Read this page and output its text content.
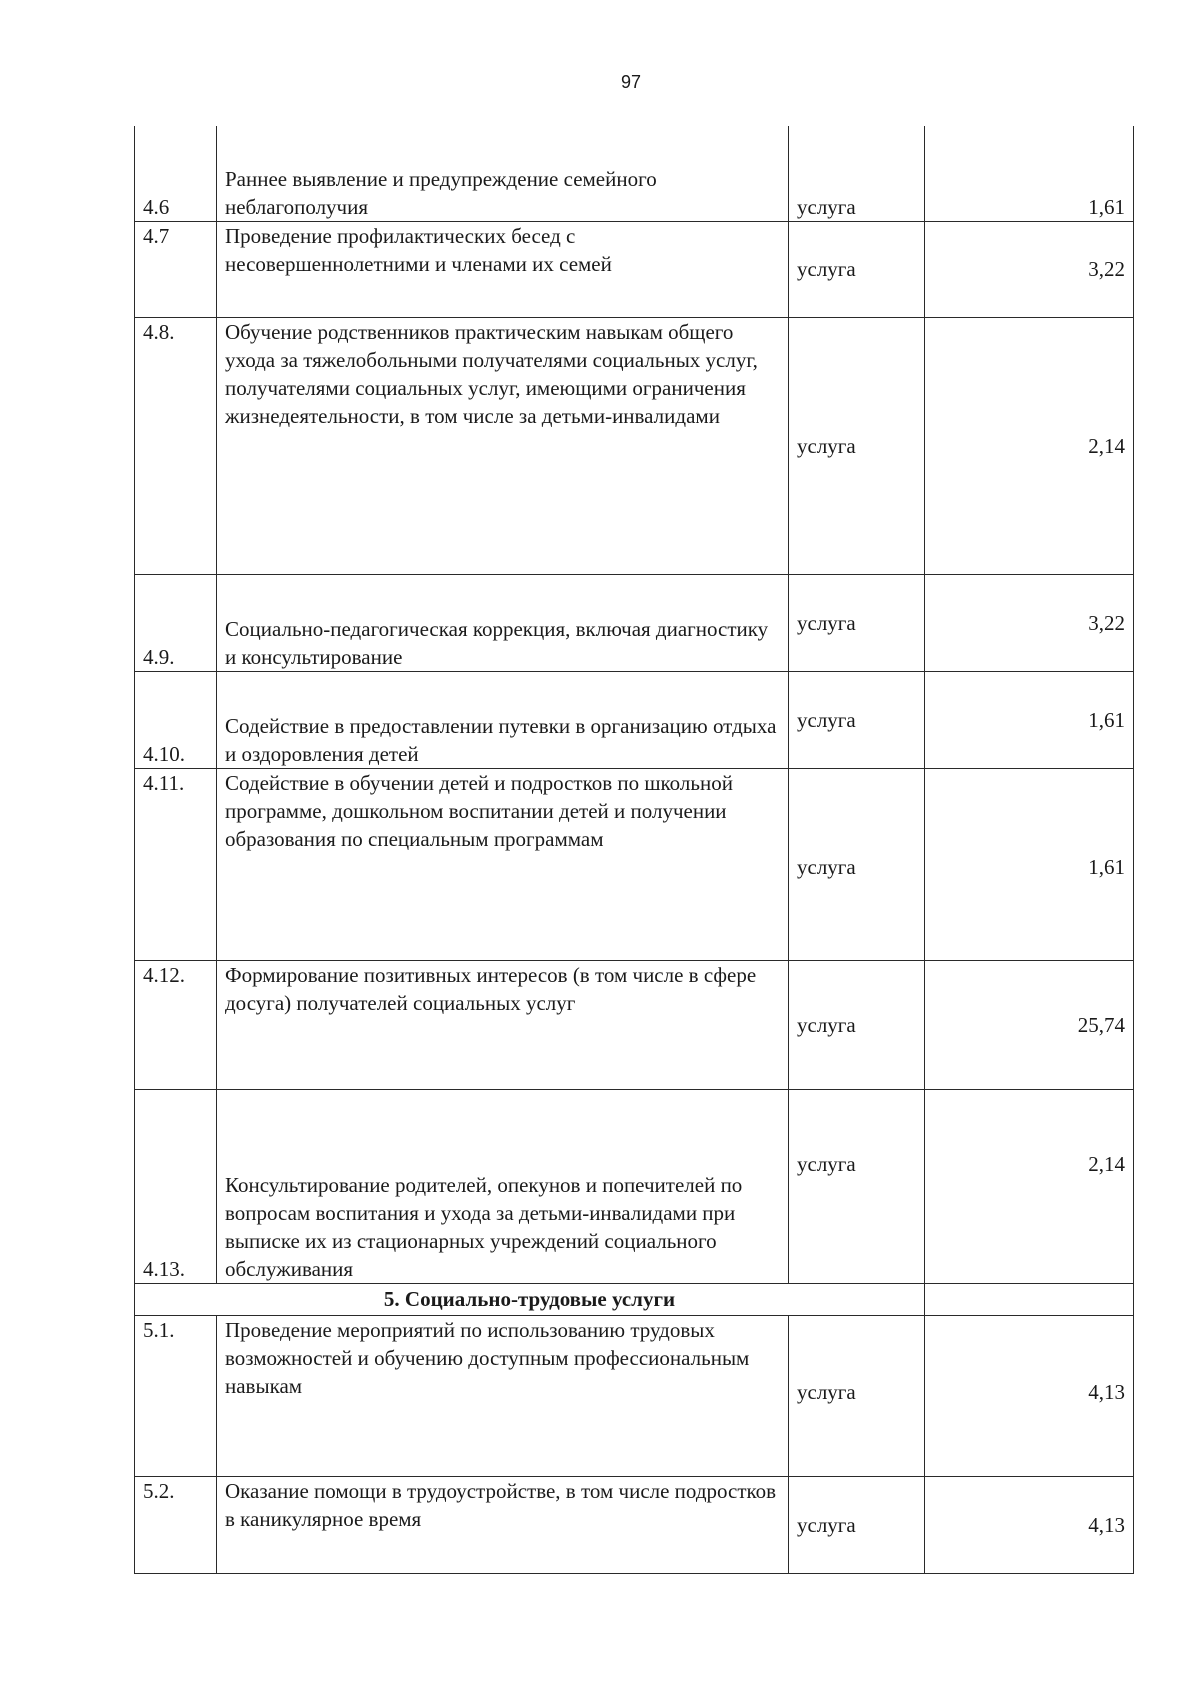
97
4.6	Раннее выявление и предупреждение семейного неблагополучия	услуга	1,61
4.7	Проведение профилактических бесед с несовершеннолетними и членами их семей	услуга	3,22
4.8.	Обучение родственников практическим навыкам общего ухода за тяжелобольными получателями социальных услуг, получателями социальных услуг, имеющими ограничения жизнедеятельности, в том числе за детьми-инвалидами	услуга	2,14
4.9.	Социально-педагогическая коррекция, включая диагностику и консультирование	услуга	3,22
4.10.	Содействие в предоставлении путевки в организацию отдыха и оздоровления детей	услуга	1,61
4.11.	Содействие в обучении детей и подростков по школьной программе, дошкольном воспитании детей и получении образования по специальным программам	услуга	1,61
4.12.	Формирование позитивных интересов (в том числе в сфере досуга) получателей социальных услуг	услуга	25,74
4.13.	Консультирование родителей, опекунов и попечителей по вопросам воспитания и ухода за детьми-инвалидами при выписке их из стационарных учреждений социального обслуживания	услуга	2,14
5. Социально-трудовые услуги			
5.1.	Проведение мероприятий по использованию трудовых возможностей и обучению доступным профессиональным навыкам	услуга	4,13
5.2.	Оказание помощи в трудоустройстве, в том числе подростков в каникулярное время	услуга	4,13
